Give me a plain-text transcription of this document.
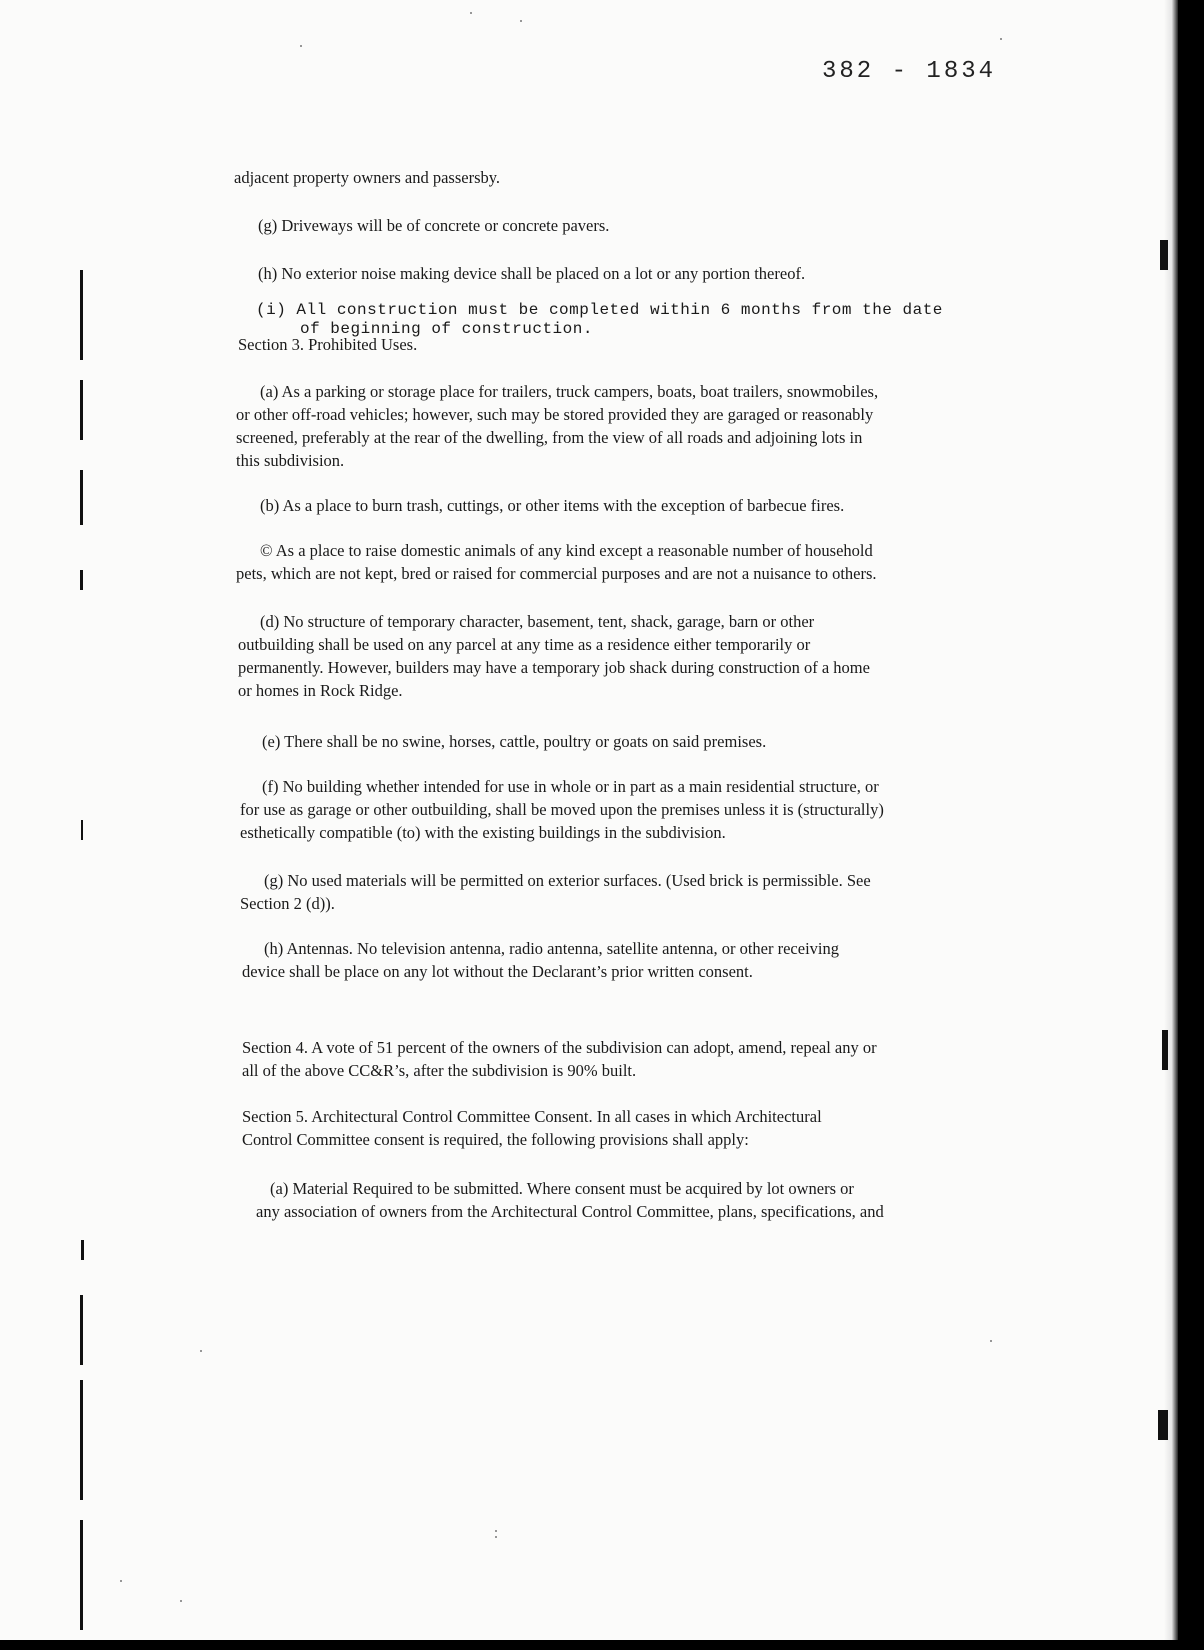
382 - 1834
adjacent property owners and passersby.
(g) Driveways will be of concrete or concrete pavers.
(h) No exterior noise making device shall be placed on a lot or any portion thereof.
(i) All construction must be completed within 6 months from the date
of beginning of construction.
Section 3. Prohibited Uses.
(a) As a parking or storage place for trailers, truck campers, boats, boat trailers, snowmobiles,
or other off-road vehicles; however, such may be stored provided they are garaged or reasonably
screened, preferably at the rear of the dwelling, from the view of all roads and adjoining lots in
this subdivision.
(b) As a place to burn trash, cuttings, or other items with the exception of barbecue fires.
© As a place to raise domestic animals of any kind except a reasonable number of household
pets, which are not kept, bred or raised for commercial purposes and are not a nuisance to others.
(d) No structure of temporary character, basement, tent, shack, garage, barn or other
outbuilding shall be used on any parcel at any time as a residence either temporarily or
permanently. However, builders may have a temporary job shack during construction of a home
or homes in Rock Ridge.
(e) There shall be no swine, horses, cattle, poultry or goats on said premises.
(f) No building whether intended for use in whole or in part as a main residential structure, or
for use as garage or other outbuilding, shall be moved upon the premises unless it is (structurally)
esthetically compatible (to) with the existing buildings in the subdivision.
(g) No used materials will be permitted on exterior surfaces. (Used brick is permissible. See
Section 2 (d)).
(h) Antennas. No television antenna, radio antenna, satellite antenna, or other receiving
device shall be place on any lot without the Declarant’s prior written consent.
Section 4. A vote of 51 percent of the owners of the subdivision can adopt, amend, repeal any or
all of the above CC&R’s, after the subdivision is 90% built.
Section 5. Architectural Control Committee Consent. In all cases in which Architectural
Control Committee consent is required, the following provisions shall apply:
(a) Material Required to be submitted. Where consent must be acquired by lot owners or
any association of owners from the Architectural Control Committee, plans, specifications, and
